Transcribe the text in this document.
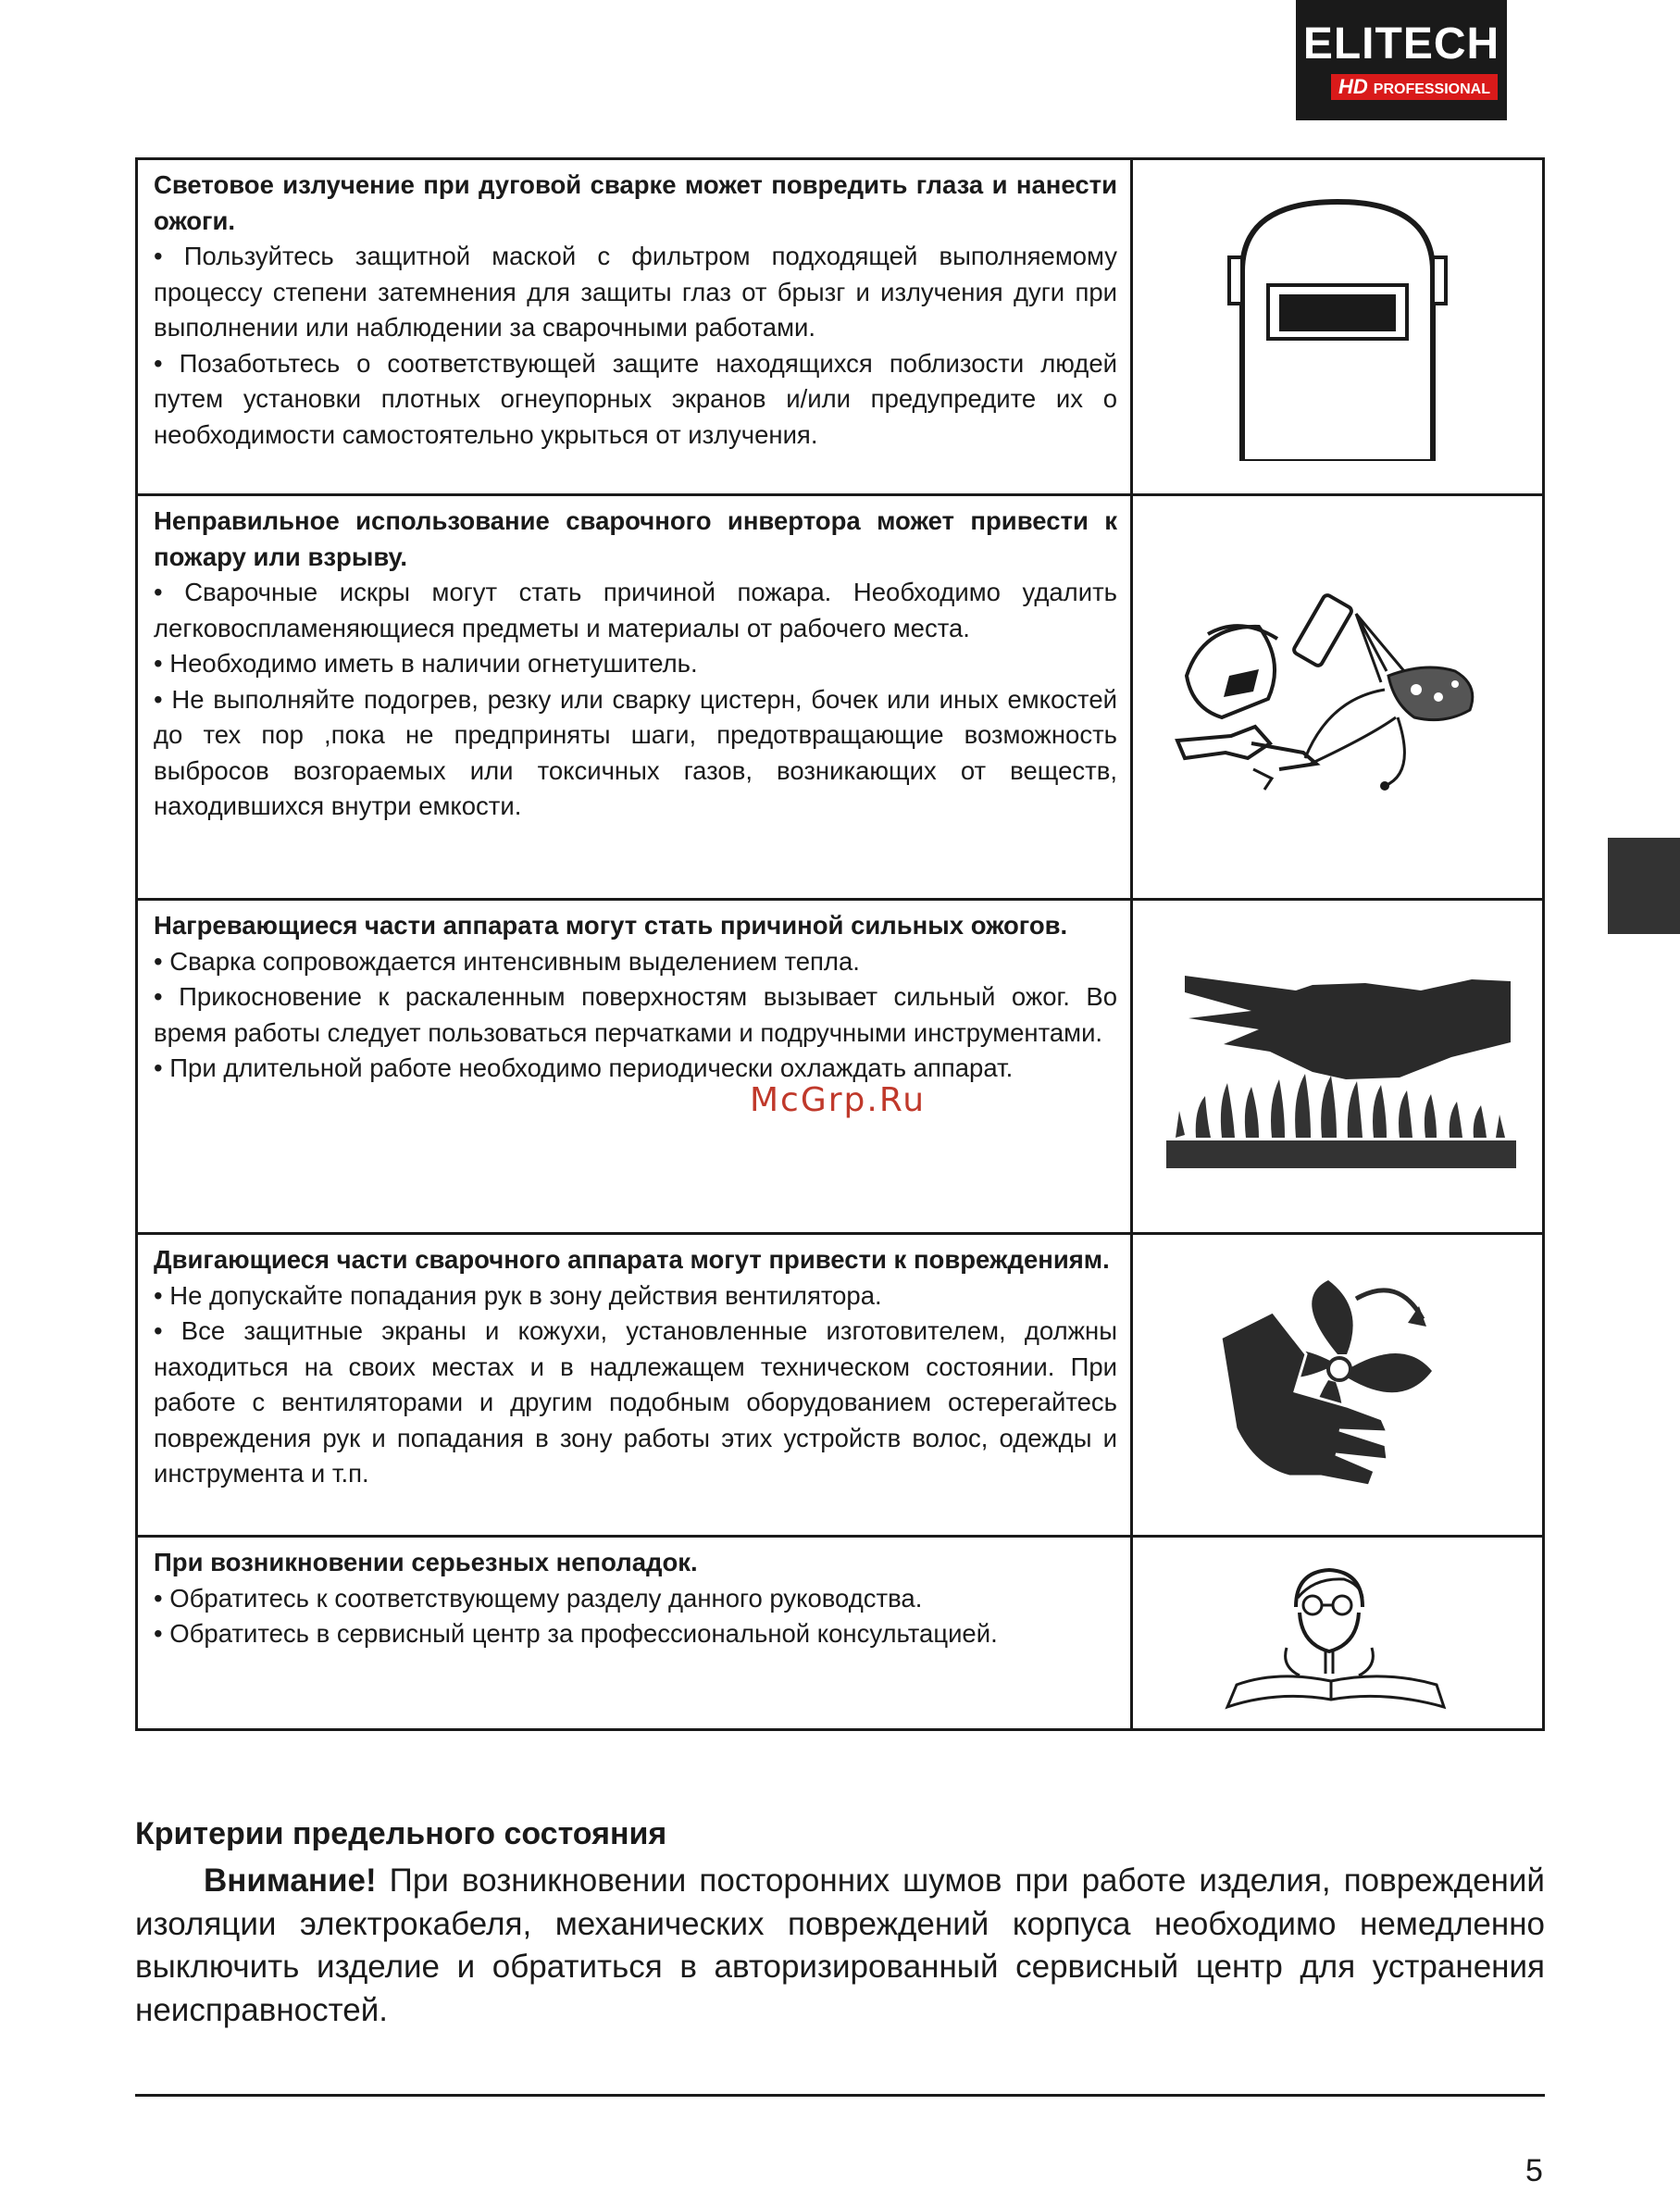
ELITECH
HD PROFESSIONAL

Световое излучение при дуговой сварке может повредить глаза и нанести ожоги.

• Пользуйтесь защитной маской с фильтром подходящей выполняемому процессу степени затемнения для защиты глаз от брызг и излучения дуги при выполнении или наблюдении за сварочными работами.

• Позаботьтесь о соответствующей защите находящихся поблизости людей путем установки плотных огнеупорных экранов и/или предупредите их о необходимости самостоятельно укрыться от излучения.

Неправильное использование сварочного инвертора может привести к пожару или взрыву.

• Сварочные искры могут стать причиной пожара. Необходимо удалить легковоспламеняющиеся предметы и материалы от рабочего места.

• Необходимо иметь в наличии огнетушитель.

• Не выполняйте подогрев, резку или сварку цистерн, бочек или иных емкостей до тех пор ,пока не предприняты шаги, предотвращающие возможность выбросов возгораемых или токсичных газов, возникающих от веществ, находившихся внутри емкости.

Нагревающиеся части аппарата могут стать причиной сильных ожогов.

• Сварка сопровождается интенсивным выделением тепла.

• Прикосновение к раскаленным поверхностям вызывает сильный ожог. Во время работы следует пользоваться перчатками и подручными инструментами.

• При длительной работе необходимо периодически охлаждать аппарат.

Двигающиеся части сварочного аппарата могут привести к повреждениям.

• Не допускайте попадания рук в зону действия вентилятора.

• Все защитные экраны и кожухи, установленные изготовителем, должны находиться на своих местах и в надлежащем техническом состоянии. При работе с вентиляторами и другим подобным оборудованием остерегайтесь повреждения рук и попадания в зону работы этих устройств волос, одежды и инструмента и т.п.

При возникновении серьезных неполадок.

• Обратитесь к соответствующему разделу данного руководства.

• Обратитесь в сервисный центр за профессиональной консультацией.

McGrp.Ru
Критерии предельного состояния

Внимание! При возникновении посторонних шумов при работе изделия, повреждений изоляции электрокабеля, механических повреждений корпуса необходимо немедленно выключить изделие и обратиться в авторизированный сервисный центр для устранения неисправностей.

5
